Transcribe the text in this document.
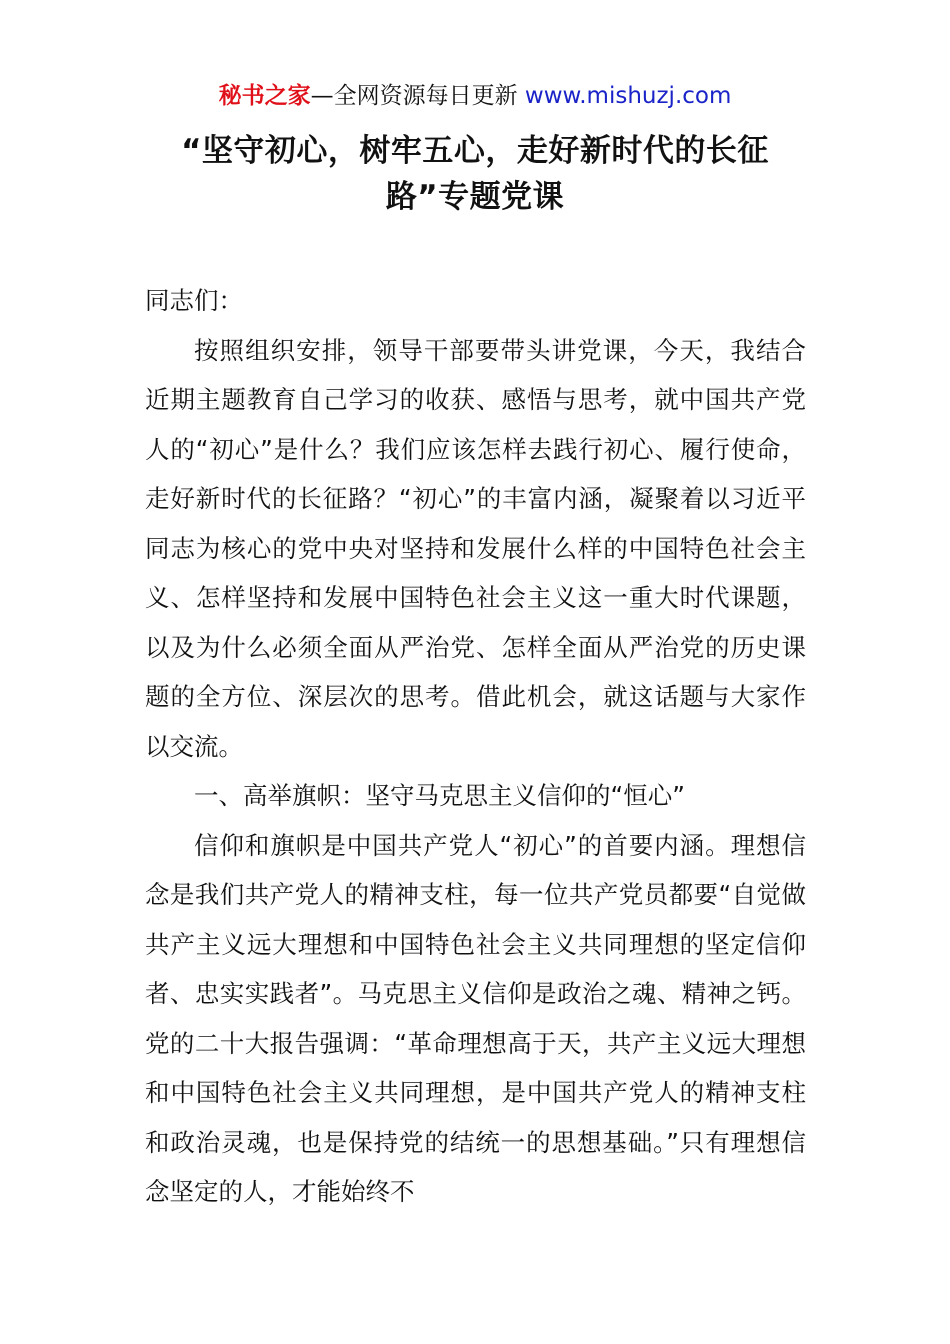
秘书之家—全网资源每日更新 www.mishuzj.com
“坚守初心，树牢五心，走好新时代的长征
路”专题党课

同志们：

按照组织安排，领导干部要带头讲党课，今天，我结合近期主题教育自己学习的收获、感悟与思考，就中国共产党人的“初心”是什么？我们应该怎样去践行初心、履行使命，走好新时代的长征路？“初心”的丰富内涵，凝聚着以习近平同志为核心的党中央对坚持和发展什么样的中国特色社会主义、怎样坚持和发展中国特色社会主义这一重大时代课题，以及为什么必须全面从严治党、怎样全面从严治党的历史课题的全方位、深层次的思考。借此机会，就这话题与大家作以交流。

一、高举旗帜：坚守马克思主义信仰的“恒心”

信仰和旗帜是中国共产党人“初心”的首要内涵。理想信念是我们共产党人的精神支柱，每一位共产党员都要“自觉做共产主义远大理想和中国特色社会主义共同理想的坚定信仰者、忠实实践者”。马克思主义信仰是政治之魂、精神之钙。党的二十大报告强调：“革命理想高于天，共产主义远大理想和中国特色社会主义共同理想，是中国共产党人的精神支柱和政治灵魂，也是保持党的结统一的思想基础。”只有理想信念坚定的人，才能始终不
